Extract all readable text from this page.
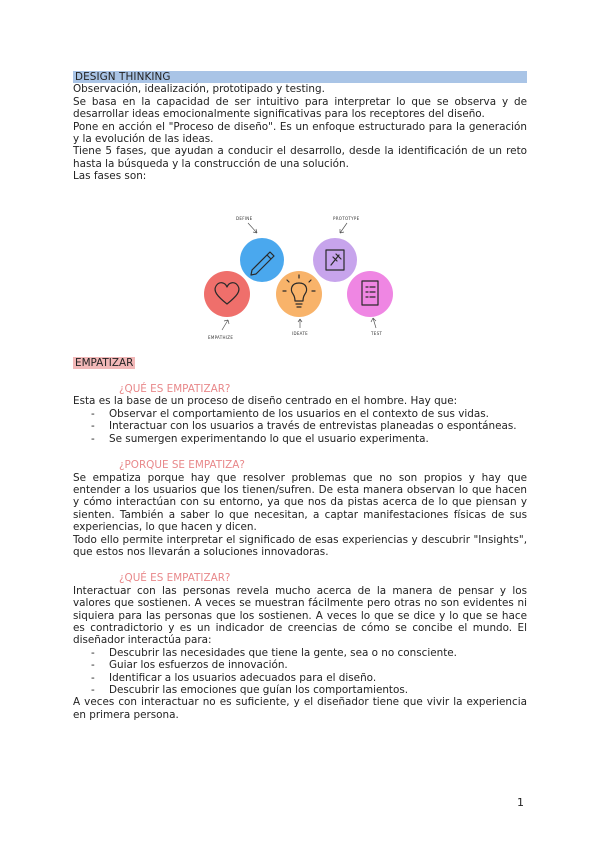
DESIGN THINKING

Observación, idealización, prototipado y testing.

Se basa en la capacidad de ser intuitivo para interpretar lo que se observa y de desarrollar ideas emocionalmente significativas para los receptores del diseño.

Pone en acción el "Proceso de diseño". Es un enfoque estructurado para la generación y la evolución de las ideas.

Tiene 5 fases, que ayudan a conducir el desarrollo, desde la identificación de un reto hasta la búsqueda y la construcción de una solución.

Las fases son:

EMPATIZAR

¿QUÉ ES EMPATIZAR?

Esta es la base de un proceso de diseño centrado en el hombre. Hay que:

- Observar el comportamiento de los usuarios en el contexto de sus vidas.
- Interactuar con los usuarios a través de entrevistas planeadas o espontáneas.
- Se sumergen experimentando lo que el usuario experimenta.

¿PORQUE SE EMPATIZA?

Se empatiza porque hay que resolver problemas que no son propios y hay que entender a los usuarios que los tienen/sufren. De esta manera observan lo que hacen y cómo interactúan con su entorno, ya que nos da pistas acerca de lo que piensan y sienten. También a saber lo que necesitan, a captar manifestaciones físicas de sus experiencias, lo que hacen y dicen.

Todo ello permite interpretar el significado de esas experiencias y descubrir "Insights", que estos nos llevarán a soluciones innovadoras.

¿QUÉ ES EMPATIZAR?

Interactuar con las personas revela mucho acerca de la manera de pensar y los valores que sostienen. A veces se muestran fácilmente pero otras no son evidentes ni siquiera para las personas que los sostienen. A veces lo que se dice y lo que se hace es contradictorio y es un indicador de creencias de cómo se concibe el mundo. El diseñador interactúa para:

- Descubrir las necesidades que tiene la gente, sea o no consciente.
- Guiar los esfuerzos de innovación.
- Identificar a los usuarios adecuados para el diseño.
- Descubrir las emociones que guían los comportamientos.

A veces con interactuar no es suficiente, y el diseñador tiene que vivir la experiencia en primera persona.

DEFINE	PROTOTYPE
EMPATHIZE
IDEATE	TEST
1
